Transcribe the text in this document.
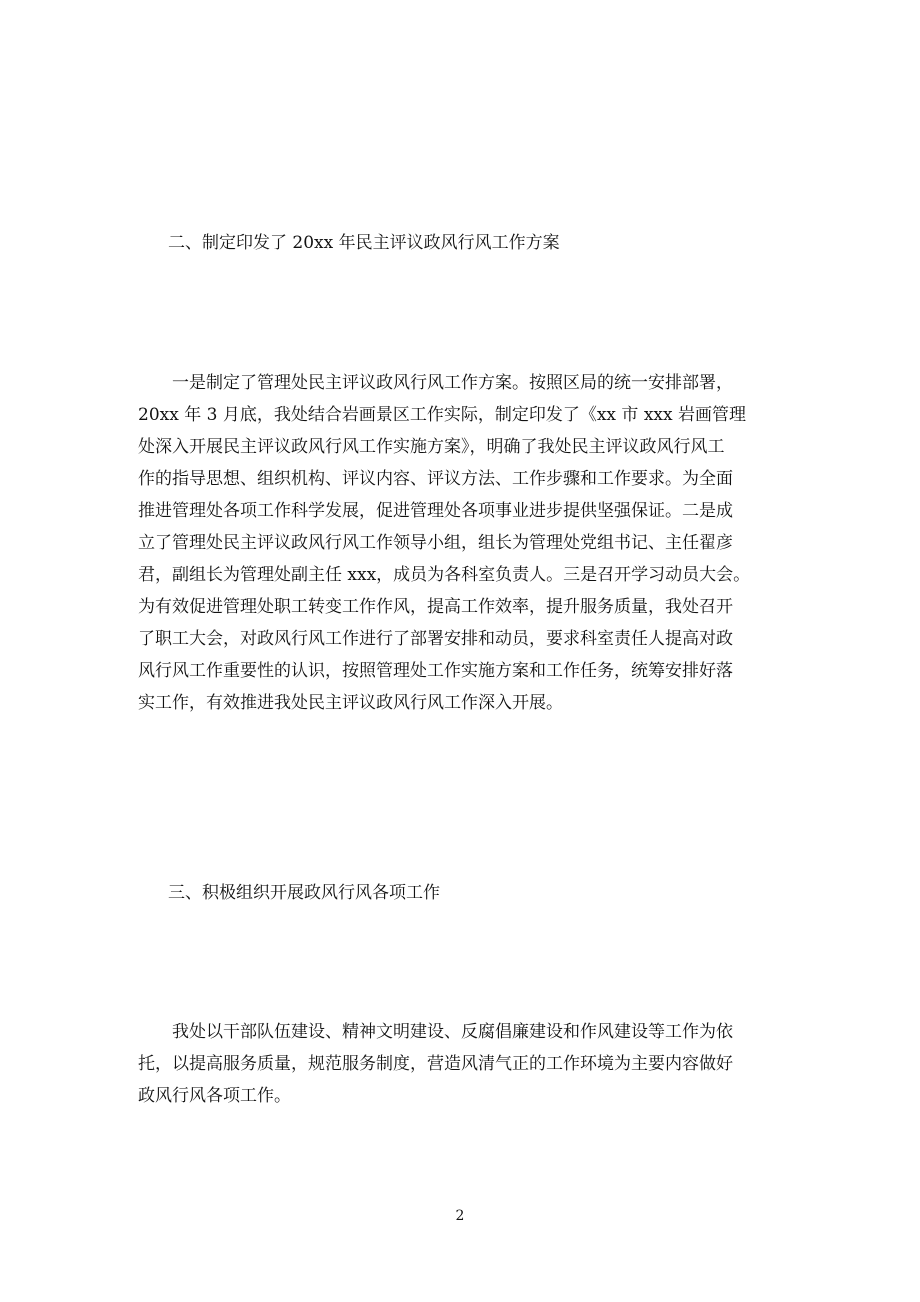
二、制定印发了 20xx 年民主评议政风行风工作方案
一是制定了管理处民主评议政风行风工作方案。按照区局的统一安排部署，
20xx 年 3 月底，我处结合岩画景区工作实际，制定印发了《xx 市 xxx 岩画管理
处深入开展民主评议政风行风工作实施方案》，明确了我处民主评议政风行风工
作的指导思想、组织机构、评议内容、评议方法、工作步骤和工作要求。为全面
推进管理处各项工作科学发展，促进管理处各项事业进步提供坚强保证。二是成
立了管理处民主评议政风行风工作领导小组，组长为管理处党组书记、主任翟彦
君，副组长为管理处副主任 xxx，成员为各科室负责人。三是召开学习动员大会。
为有效促进管理处职工转变工作作风，提高工作效率，提升服务质量，我处召开
了职工大会，对政风行风工作进行了部署安排和动员，要求科室责任人提高对政
风行风工作重要性的认识，按照管理处工作实施方案和工作任务，统筹安排好落
实工作，有效推进我处民主评议政风行风工作深入开展。
三、积极组织开展政风行风各项工作
我处以干部队伍建设、精神文明建设、反腐倡廉建设和作风建设等工作为依
托，以提高服务质量，规范服务制度，营造风清气正的工作环境为主要内容做好
政风行风各项工作。
2
